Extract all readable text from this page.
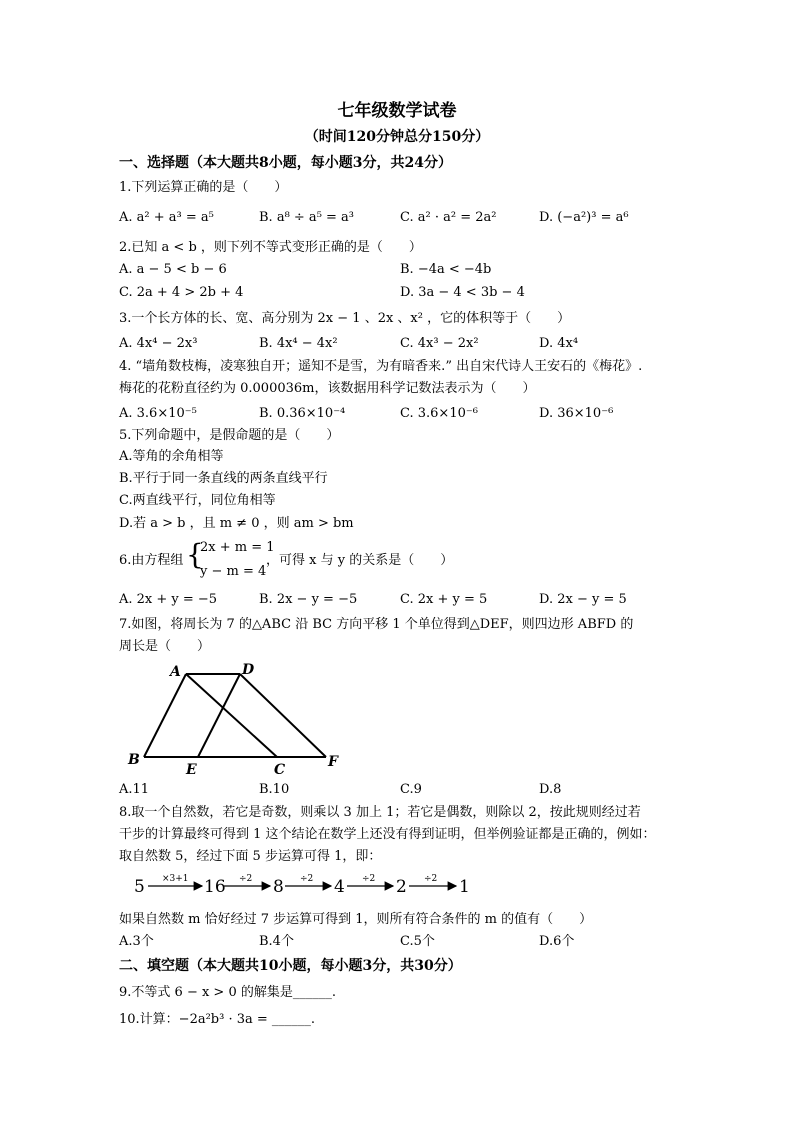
七年级数学试卷
（时间120分钟总分150分）
一、选择题（本大题共8小题，每小题3分，共24分）
1.下列运算正确的是（　　）
A. a² + a³ = a⁵	B. a⁸ ÷ a⁵ = a³	C. a² · a² = 2a²	D. (−a²)³ = a⁶
2.已知 a < b ，则下列不等式变形正确的是（　　）
A. a − 5 < b − 6	B. −4a < −4b
C. 2a + 4 > 2b + 4	D. 3a − 4 < 3b − 4
3.一个长方体的长、宽、高分别为 2x − 1 、2x 、x² ，它的体积等于（　　）
A. 4x⁴ − 2x³	B. 4x⁴ − 4x²	C. 4x³ − 2x²	D. 4x⁴
4. “墙角数枝梅，凌寒独自开；遥知不是雪，为有暗香来.” 出自宋代诗人王安石的《梅花》.
梅花的花粉直径约为 0.000036m，该数据用科学记数法表示为（　　）
A. 3.6×10⁻⁵	B. 0.36×10⁻⁴	C. 3.6×10⁻⁶	D. 36×10⁻⁶
5.下列命题中，是假命题的是（　　）
A.等角的余角相等
B.平行于同一条直线的两条直线平行
C.两直线平行，同位角相等
D.若 a > b ，且 m ≠ 0 ，则 am > bm
6.由方程组 {
2x + m = 1
y − m = 4
，可得 x 与 y 的关系是（　　）
A. 2x + y = −5	B. 2x − y = −5	C. 2x + y = 5	D. 2x − y = 5
7.如图，将周长为 7 的△ABC 沿 BC 方向平移 1 个单位得到△DEF，则四边形 ABFD 的
周长是（　　）
A	D
B
E	C	F
A.11	B.10	C.9	D.8
8.取一个自然数，若它是奇数，则乘以 3 加上 1；若它是偶数，则除以 2，按此规则经过若
干步的计算最终可得到 1 这个结论在数学上还没有得到证明，但举例验证都是正确的，例如：
取自然数 5，经过下面 5 步运算可得 1，即：
5	16	8	4	2	1
×3+1	÷2	÷2	÷2	÷2
如果自然数 m 恰好经过 7 步运算可得到 1，则所有符合条件的 m 的值有（　　）
A.3个	B.4个	C.5个	D.6个
二、填空题（本大题共10小题，每小题3分，共30分）
9.不等式 6 − x > 0 的解集是______.
10.计算：−2a²b³ · 3a = ______.
